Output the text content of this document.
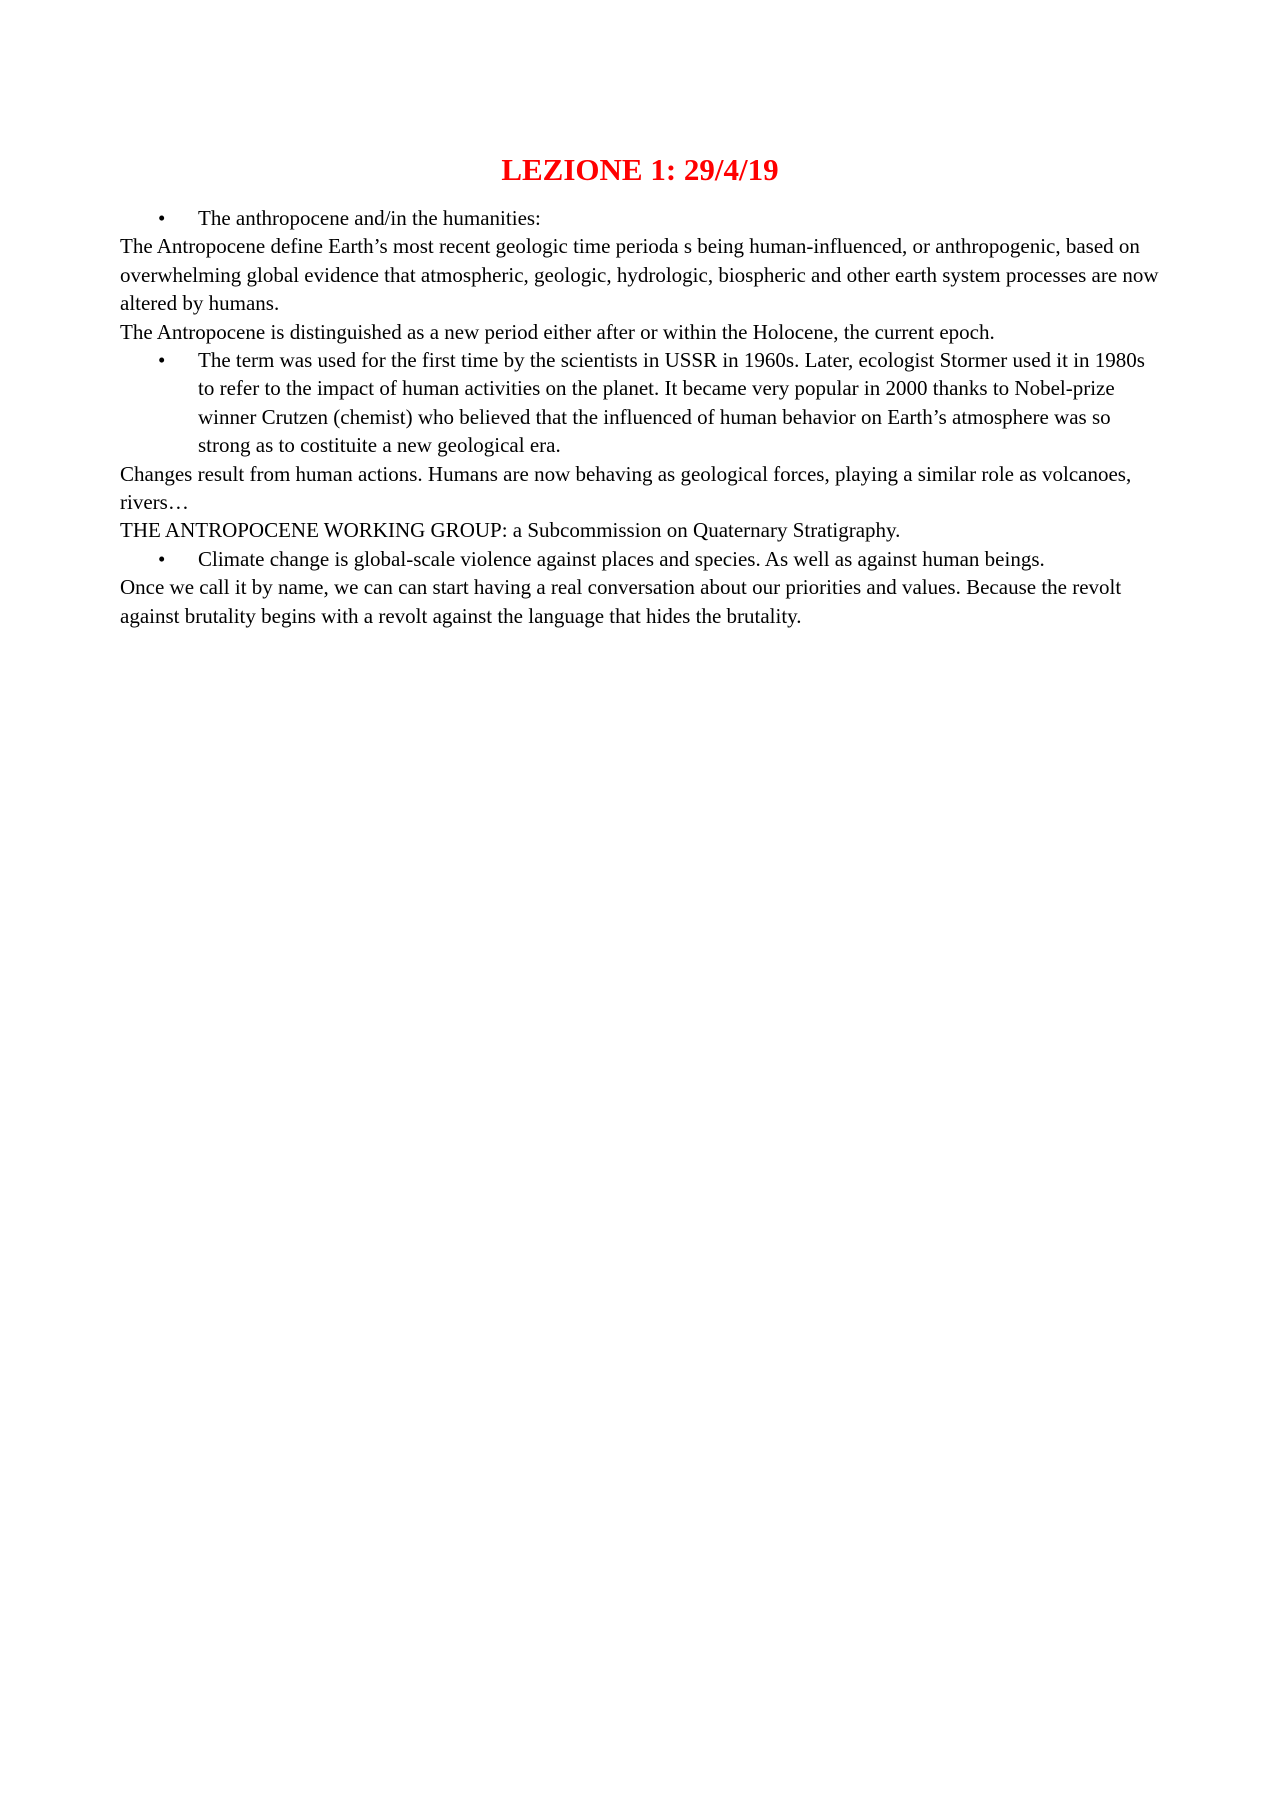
LEZIONE 1: 29/4/19

• The anthropocene and/in the humanities:

The Antropocene define Earth’s most recent geologic time perioda s being human-influenced, or anthropogenic, based on overwhelming global evidence that atmospheric, geologic, hydrologic, biospheric and other earth system processes are now altered by humans.

The Antropocene is distinguished as a new period either after or within the Holocene, the current epoch.

• The term was used for the first time by the scientists in USSR in 1960s. Later, ecologist Stormer used it in 1980s to refer to the impact of human activities on the planet. It became very popular in 2000 thanks to Nobel-prize winner Crutzen (chemist) who believed that the influenced of human behavior on Earth’s atmosphere was so strong as to costituite a new geological era.

Changes result from human actions. Humans are now behaving as geological forces, playing a similar role as volcanoes, rivers…

THE ANTROPOCENE WORKING GROUP: a Subcommission on Quaternary Stratigraphy.

• Climate change is global-scale violence against places and species. As well as against human beings.

Once we call it by name, we can can start having a real conversation about our priorities and values. Because the revolt against brutality begins with a revolt against the language that hides the brutality.
